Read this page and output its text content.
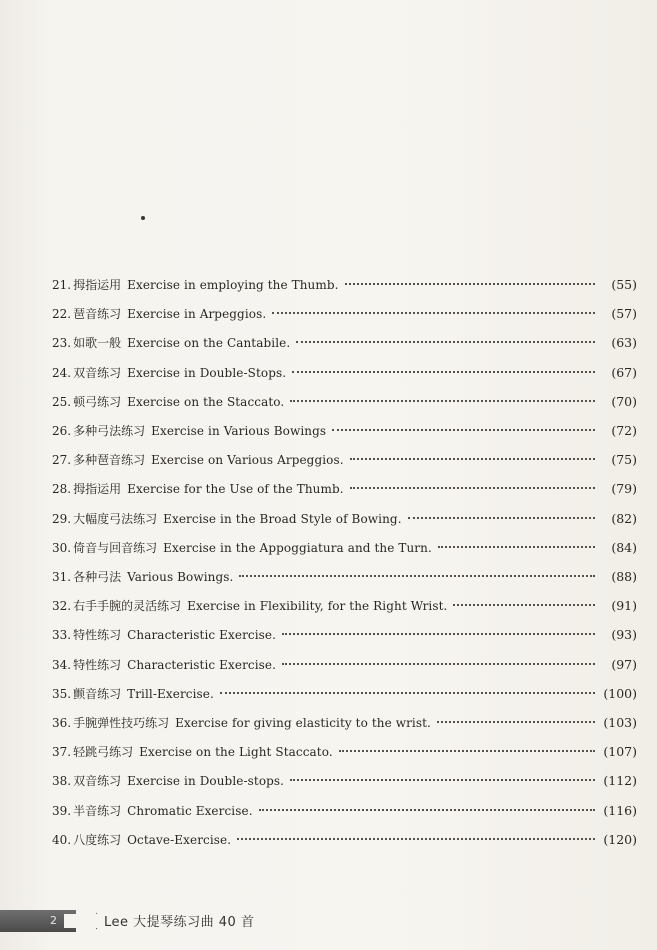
21. 拇指运用 Exercise in employing the Thumb.	(55)
22. 琶音练习 Exercise in Arpeggios.	(57)
23. 如歌一般 Exercise on the Cantabile.	(63)
24. 双音练习 Exercise in Double-Stops.	(67)
25. 顿弓练习 Exercise on the Staccato.	(70)
26. 多种弓法练习 Exercise in Various Bowings	(72)
27. 多种琶音练习 Exercise on Various Arpeggios.	(75)
28. 拇指运用 Exercise for the Use of the Thumb.	(79)
29. 大幅度弓法练习 Exercise in the Broad Style of Bowing.	(82)
30. 倚音与回音练习 Exercise in the Appoggiatura and the Turn.	(84)
31. 各种弓法 Various Bowings.	(88)
32. 右手手腕的灵活练习 Exercise in Flexibility, for the Right Wrist.	(91)
33. 特性练习 Characteristic Exercise.	(93)
34. 特性练习 Characteristic Exercise.	(97)
35. 颤音练习 Trill-Exercise.	(100)
36. 手腕弹性技巧练习 Exercise for giving elasticity to the wrist.	(103)
37. 轻跳弓练习 Exercise on the Light Staccato.	(107)
38. 双音练习 Exercise in Double-stops.	(112)
39. 半音练习 Chromatic Exercise.	(116)
40. 八度练习 Octave-Exercise.	(120)
2	Lee 大提琴练习曲 40 首
